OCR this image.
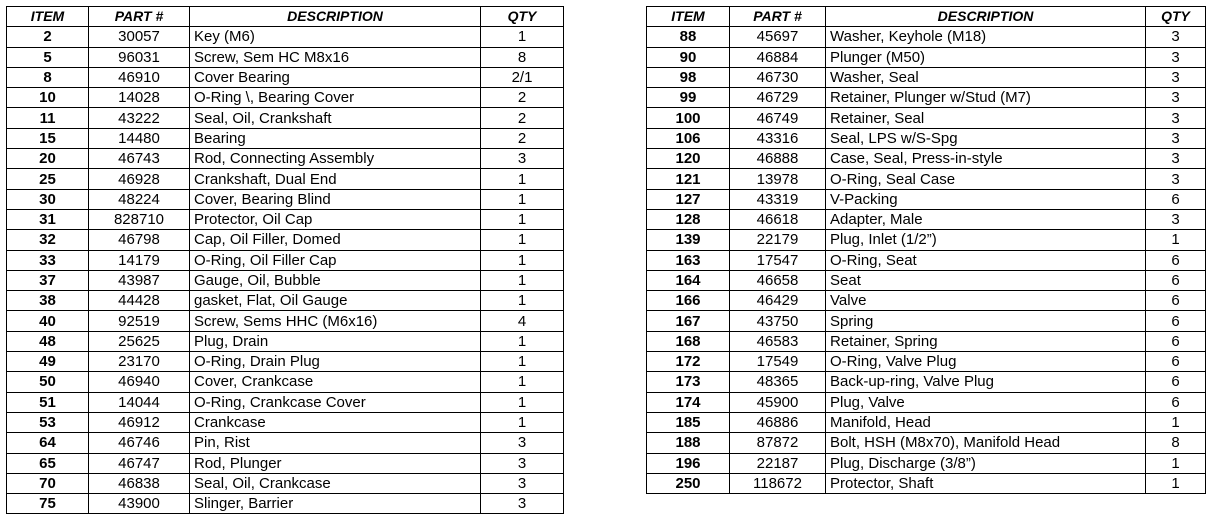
ITEM	PART #	DESCRIPTION	QTY
2	30057	Key (M6)	1
5	96031	Screw, Sem HC M8x16	8
8	46910	Cover Bearing	2/1
10	14028	O-Ring \, Bearing Cover	2
11	43222	Seal, Oil, Crankshaft	2
15	14480	Bearing	2
20	46743	Rod, Connecting Assembly	3
25	46928	Crankshaft, Dual End	1
30	48224	Cover, Bearing Blind	1
31	828710	Protector, Oil Cap	1
32	46798	Cap, Oil Filler, Domed	1
33	14179	O-Ring, Oil Filler Cap	1
37	43987	Gauge, Oil, Bubble	1
38	44428	gasket, Flat, Oil Gauge	1
40	92519	Screw, Sems HHC (M6x16)	4
48	25625	Plug, Drain	1
49	23170	O-Ring, Drain Plug	1
50	46940	Cover, Crankcase	1
51	14044	O-Ring, Crankcase Cover	1
53	46912	Crankcase	1
64	46746	Pin, Rist	3
65	46747	Rod, Plunger	3
70	46838	Seal, Oil, Crankcase	3
75	43900	Slinger, Barrier	3
ITEM	PART #	DESCRIPTION	QTY
88	45697	Washer, Keyhole (M18)	3
90	46884	Plunger (M50)	3
98	46730	Washer, Seal	3
99	46729	Retainer, Plunger w/Stud (M7)	3
100	46749	Retainer, Seal	3
106	43316	Seal, LPS w/S-Spg	3
120	46888	Case, Seal, Press-in-style	3
121	13978	O-Ring, Seal Case	3
127	43319	V-Packing	6
128	46618	Adapter, Male	3
139	22179	Plug, Inlet (1/2”)	1
163	17547	O-Ring, Seat	6
164	46658	Seat	6
166	46429	Valve	6
167	43750	Spring	6
168	46583	Retainer, Spring	6
172	17549	O-Ring, Valve Plug	6
173	48365	Back-up-ring, Valve Plug	6
174	45900	Plug, Valve	6
185	46886	Manifold, Head	1
188	87872	Bolt, HSH (M8x70), Manifold Head	8
196	22187	Plug, Discharge (3/8”)	1
250	118672	Protector, Shaft	1
